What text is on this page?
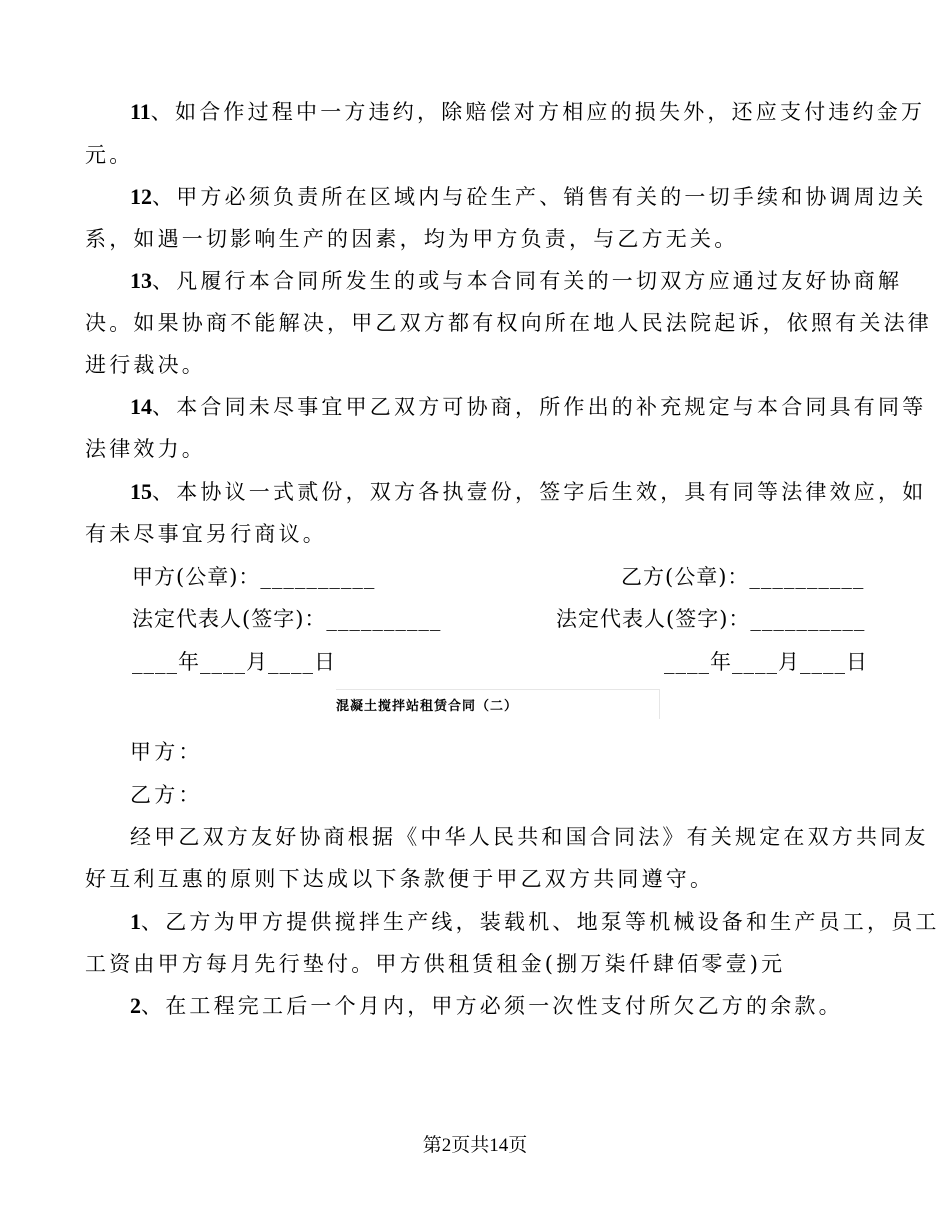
11、如合作过程中一方违约，除赔偿对方相应的损失外，还应支付违约金万
元。
12、甲方必须负责所在区域内与砼生产、销售有关的一切手续和协调周边关
系，如遇一切影响生产的因素，均为甲方负责，与乙方无关。
13、凡履行本合同所发生的或与本合同有关的一切双方应通过友好协商解
决。如果协商不能解决，甲乙双方都有权向所在地人民法院起诉，依照有关法律
进行裁决。
14、本合同未尽事宜甲乙双方可协商，所作出的补充规定与本合同具有同等
法律效力。
15、本协议一式贰份，双方各执壹份，签字后生效，具有同等法律效应，如
有未尽事宜另行商议。
甲方(公章)：__________	乙方(公章)：__________
法定代表人(签字)：__________	法定代表人(签字)：__________
____年____月____日	____年____月____日
混凝土搅拌站租赁合同（二）
甲方：
乙方：
经甲乙双方友好协商根据《中华人民共和国合同法》有关规定在双方共同友
好互利互惠的原则下达成以下条款便于甲乙双方共同遵守。
1、乙方为甲方提供搅拌生产线，装载机、地泵等机械设备和生产员工，员工
工资由甲方每月先行垫付。甲方供租赁租金(捌万柒仟肆佰零壹)元
2、在工程完工后一个月内，甲方必须一次性支付所欠乙方的余款。
第2页共14页
